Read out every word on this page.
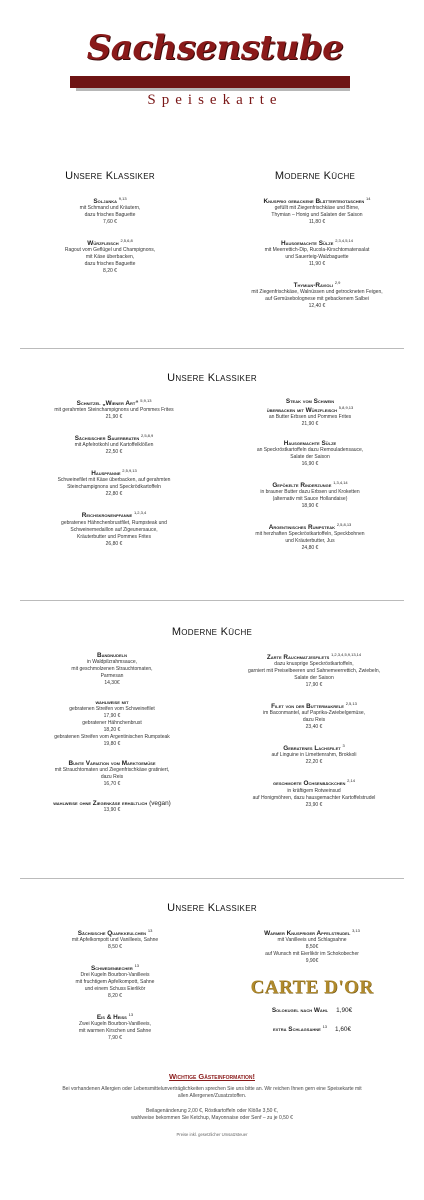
Sachsenstube
Speisekarte
Unsere Klassiker	Moderne Küche
Soljanka $^{9,13}$
mit Schmand und Kräutern,
dazu frisches Baguette
7,60 €
Würzfleisch $^{2,5,6,8}$
Ragout vom Geflügel und Champignons,
mit Käse überbacken,
dazu frisches Baguette
8,20 €
Knusprig gebackene Blätterteigtaschen $^{14}$
gefüllt mit Ziegenfrischkäse und Birne,
Thymian – Honig und Salaten der Saison
11,80 €
Hausgemachte Sülze $^{2,3,4,5,14}$
mit Meerrettich-Dip, Rucola-Kirschtomatensalat
und Sauerteig-Walzbaguette
11,90 €
Thymian-Ravioli $^{2,9}$
mit Ziegenfrischkäse, Walnüssen und getrockneten Feigen,
auf Gemüsebolognese mit gebackenem Salbei
12,40 €
Unsere Klassiker
Schnitzel „Wiener Art“ $^{5,9,13}$
mit gerahmten Steinchampignons und Pommes Frites
21,90 €
Sächsischer Sauerbraten $^{2,5,8,9}$
mit Apfelrotkohl und Kartoffelklößen
22,50 €
Hauspfanne $^{2,5,9,13}$
Schweinefilet mit Käse überbacken, auf gerahmten
Steinchampignons und Speckrödkartoffeln
22,80 €
Reichskronenpfanne $^{1,2,3,4}$
gebratenes Hähnchenbrustfilet, Rumpsteak und
Schweinemedaillon auf Zigeunersauce,
Kräuterbutter und Pommes Frites
26,80 €
Steak vom Schwein
überbacken mit Würzfleisch $^{5,8,9,13}$
an Butter Erbsen und Pommes Frites
21,90 €
Hausgemachte Sülze
an Speckröstkartoffeln dazu Remouladensauce,
Salate der Saison
16,90 €
Gepökelte Rinderzunge $^{1,3,4,14}$
in brauner Butter dazu Erbsen und Kroketten
(alternativ mit Sauce Hollandaise)
18,90 €
Argentinisches Rumpsteak $^{2,5,8,13}$
mit herzhaften Speckröstkartoffeln, Speckbohnen
und Kräuterbutter, Jus
24,80 €
Moderne Küche
Bandnudeln
in Waldpilzrahmsauce,
mit geschmolzenen Strauchtomaten,
Parmesan
14,30€
wahlweise mit
gebratenen Streifen vom Schweinefilet
17,90 €
gebratener Hähnchenbrust
18,20 €
gebratenen Streifen vom Argentinischen Rumpsteak
19,80 €
Bunte Variation vom Marktgemüse
mit Strauchtomaten und Ziegenfrischkäse gratiniert,
dazu Reis
16,70 €
wahlweise ohne Ziegenkäse erhältlich (vegan)
13,90 €
Zarte Rauchmatjesfilets $^{1,2,3,4,5,9,13,14}$
dazu knusprige Speckröstkartoffeln,
garniert mit Preiselbeeren und Sahnemeerrettich, Zwiebeln,
Salate der Saison
17,90 €
Filet von der Buttermakrele $^{2,5,13}$
im Baconmantel, auf Paprika-Zwiebelgemüse,
dazu Reis
23,40 €
Gebratenes Lachsfilet $^3$
auf Linguine in Limettenrahm, Brokkoli
22,20 €
geschmorte Ochsenbäckchen $^{2,14}$
in kräftigem Rotweinsud
auf Honigmöhren, dazu hausgemachter Kartoffelstrudel
23,90 €
Unsere Klassiker
Sächsische Quarkkeulchen $^{13}$
mit Apfelkompott und Vanilleeis, Sahne
8,50 €
Schwedenbecher $^{13}$
Drei Kugeln Bourbon-Vanilleeis
mit fruchtigem Apfelkompott, Sahne
und einem Schuss Eierlikör
8,20 €
Eis & Heiß $^{13}$
Zwei Kugeln Bourbon-Vanilleeis,
mit warmen Kirschen und Sahne
7,90 €
Warmer Knuspriger Apfelstrudel $^{3,13}$
mit Vanilleeis und Schlagsahne
8,50€
auf Wunsch mit Eierlikör im Schokobecher
9,90€
CARTE D'OR
Solokugel nach Wahl 1,90€
extra Schlagsahne $^{13}$ 1,60€
Wichtige Gästeinformation!
Bei vorhandenen Allergien oder Lebensmittelunverträglichkeiten sprechen Sie uns bitte an. Wir reichen Ihnen gern eine Speisekarte mit
allen Allergenen/Zusatzstoffen.
Beilagenänderung 2,00 €, Röstkartoffeln oder Klöße 3,50 €,
wahlweise bekommen Sie Ketchup, Mayonnaise oder Senf – zu je 0,50 €
Preise inkl. gesetzlicher Umsatzsteuer
